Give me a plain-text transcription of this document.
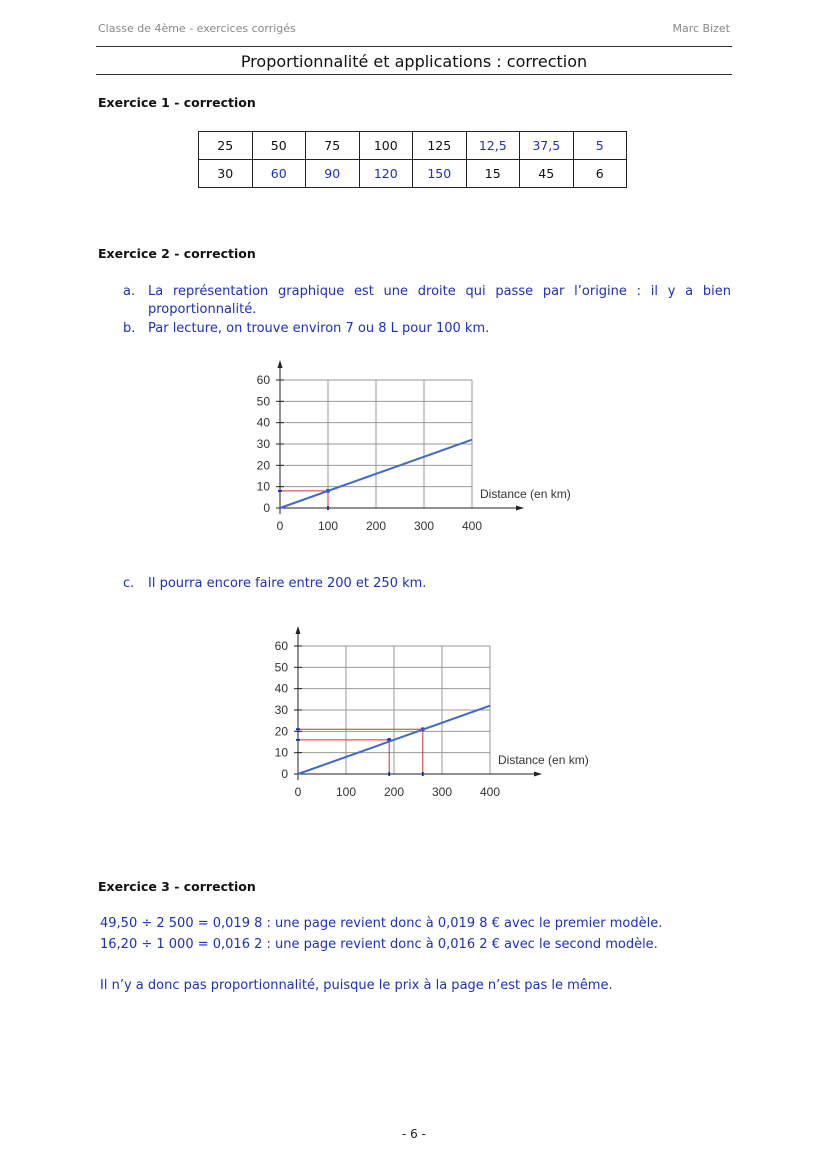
Classe de 4ème - exercices corrigés	Marc Bizet
Proportionnalité et applications : correction
Exercice 1 - correction
25	50	75	100	125	12,5	37,5	5
30	60	90	120	150	15	45	6
Exercice 2 - correction
a. La représentation graphique est une droite qui passe par l’origine : il y a bien proportionnalité.
b. Par lecture, on trouve environ 7 ou 8 L pour 100 km.
0
10
20
30
40
50
60
0	100 200 300 400
Distance (en km)
c. Il pourra encore faire entre 200 et 250 km.
0
10
20
30
40
50
60
0	100 200 300 400
Distance (en km)
Exercice 3 - correction
49,50 ÷ 2 500 = 0,019 8 : une page revient donc à 0,019 8 € avec le premier modèle.
16,20 ÷ 1 000 = 0,016 2 : une page revient donc à 0,016 2 € avec le second modèle.
Il n’y a donc pas proportionnalité, puisque le prix à la page n’est pas le même.
- 6 -
